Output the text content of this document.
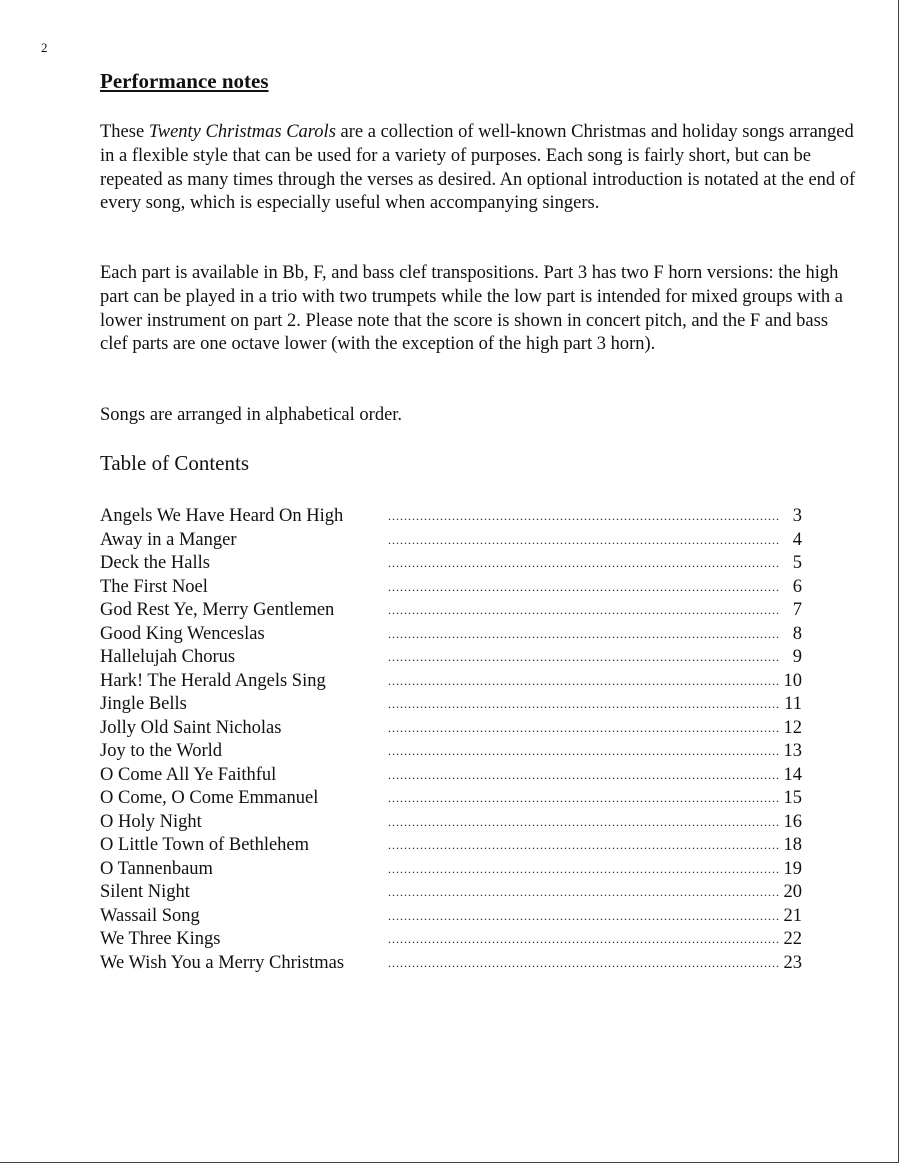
2
Performance notes

These Twenty Christmas Carols are a collection of well-known Christmas and holiday songs arranged in a flexible style that can be used for a variety of purposes. Each song is fairly short, but can be repeated as many times through the verses as desired. An optional introduction is notated at the end of every song, which is especially useful when accompanying singers.

Each part is available in Bb, F, and bass clef transpositions. Part 3 has two F horn versions: the high part can be played in a trio with two trumpets while the low part is intended for mixed groups with a lower instrument on part 2. Please note that the score is shown in concert pitch, and the F and bass clef parts are one octave lower (with the exception of the high part 3 horn).

Songs are arranged in alphabetical order.

Table of Contents
Angels We Have Heard On High .....	3
Away in a Manger .....	4
Deck the Halls .....	5
The First Noel .....	6
God Rest Ye, Merry Gentlemen .....	7
Good King Wenceslas .....	8
Hallelujah Chorus .....	9
Hark! The Herald Angels Sing .....	10
Jingle Bells .....	11
Jolly Old Saint Nicholas .....	12
Joy to the World .....	13
O Come All Ye Faithful .....	14
O Come, O Come Emmanuel .....	15
O Holy Night .....	16
O Little Town of Bethlehem .....	18
O Tannenbaum .....	19
Silent Night .....	20
Wassail Song .....	21
We Three Kings .....	22
We Wish You a Merry Christmas .....	23
